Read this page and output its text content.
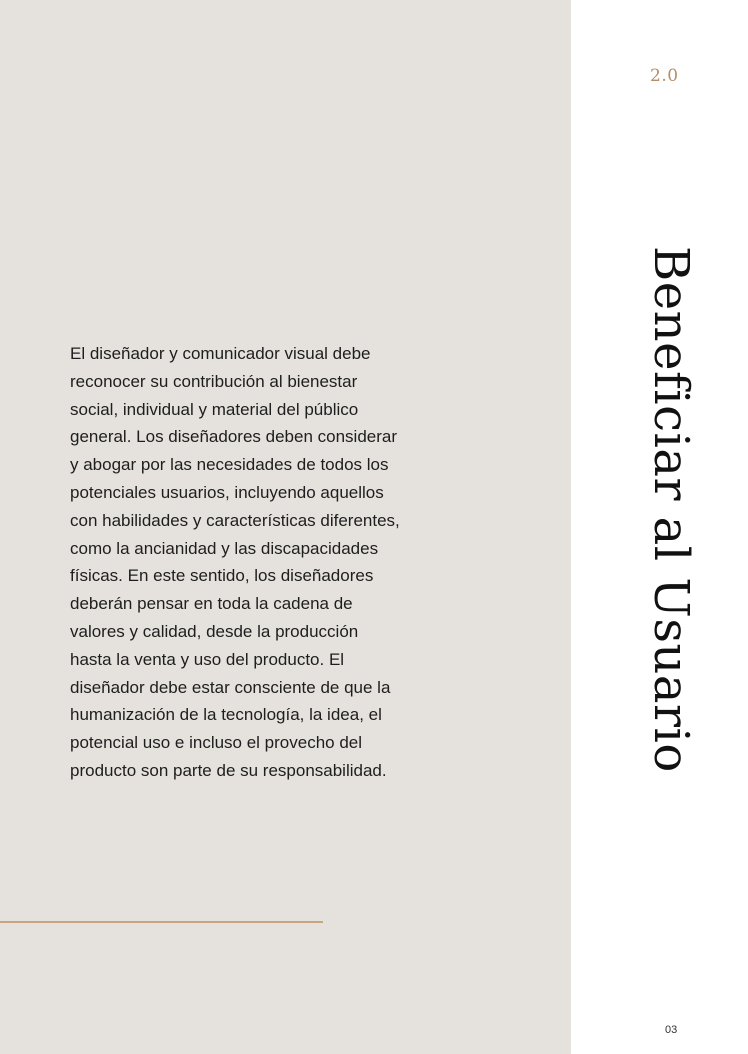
El diseñador y comunicador visual debe reconocer su contribución al bienestar social, individual y material del público general. Los diseñadores deben considerar y abogar por las necesidades de todos los potenciales usuarios, incluyendo aquellos con habilidades y características diferentes, como la ancianidad y las discapacidades físicas. En este sentido, los diseñadores deberán pensar en toda la cadena de valores y calidad, desde la producción hasta la venta y uso del producto. El diseñador debe estar consciente de que la humanización de la tecnología, la idea, el potencial uso e incluso el provecho del producto son parte de su responsabilidad.

2.0
Beneficiar al Usuario
03
